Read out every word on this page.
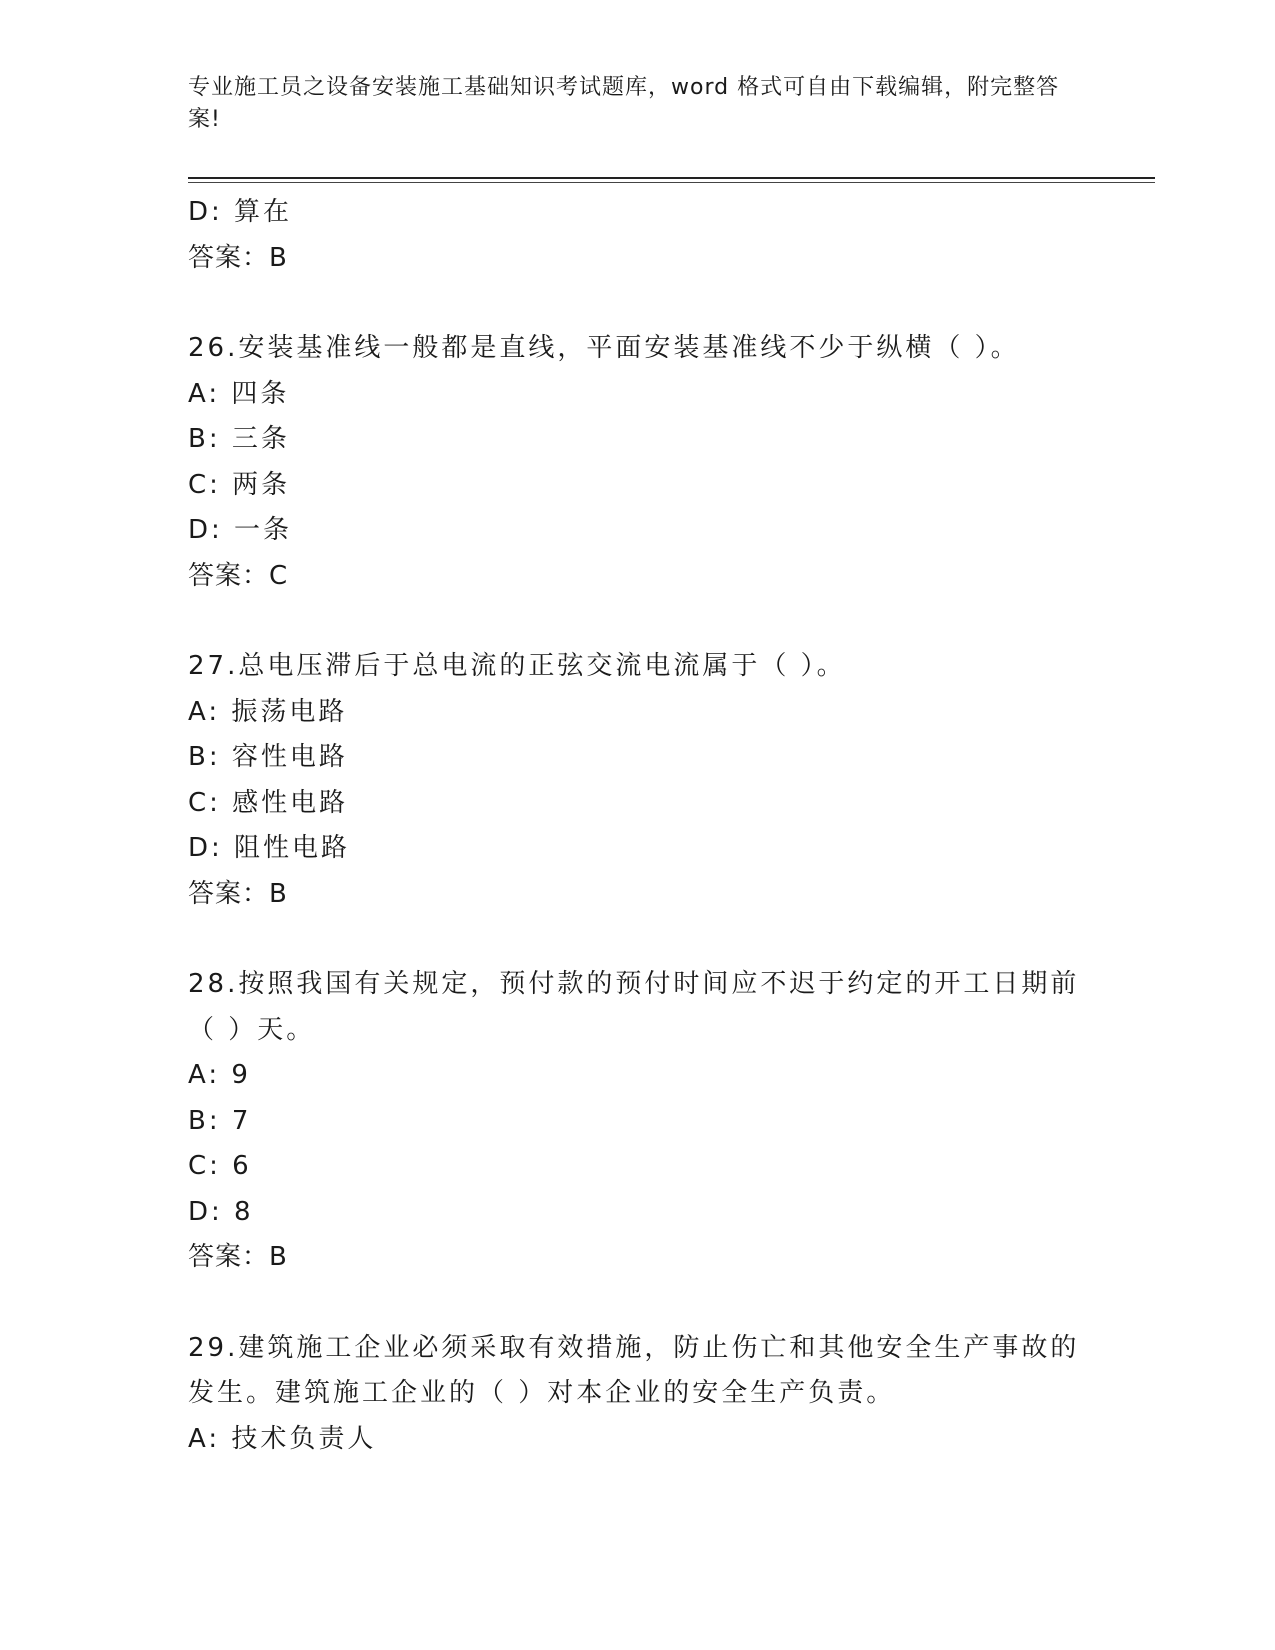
专业施工员之设备安装施工基础知识考试题库，word 格式可自由下载编辑，附完整答案!
D: 算在
答案：B
26.安装基准线一般都是直线，平面安装基准线不少于纵横（ ）。
A: 四条
B: 三条
C: 两条
D: 一条
答案：C
27.总电压滞后于总电流的正弦交流电流属于（ ）。
A: 振荡电路
B: 容性电路
C: 感性电路
D: 阻性电路
答案：B
28.按照我国有关规定，预付款的预付时间应不迟于约定的开工日期前
（ ）天。
A: 9
B: 7
C: 6
D: 8
答案：B
29.建筑施工企业必须采取有效措施，防止伤亡和其他安全生产事故的
发生。建筑施工企业的（ ）对本企业的安全生产负责。
A: 技术负责人
